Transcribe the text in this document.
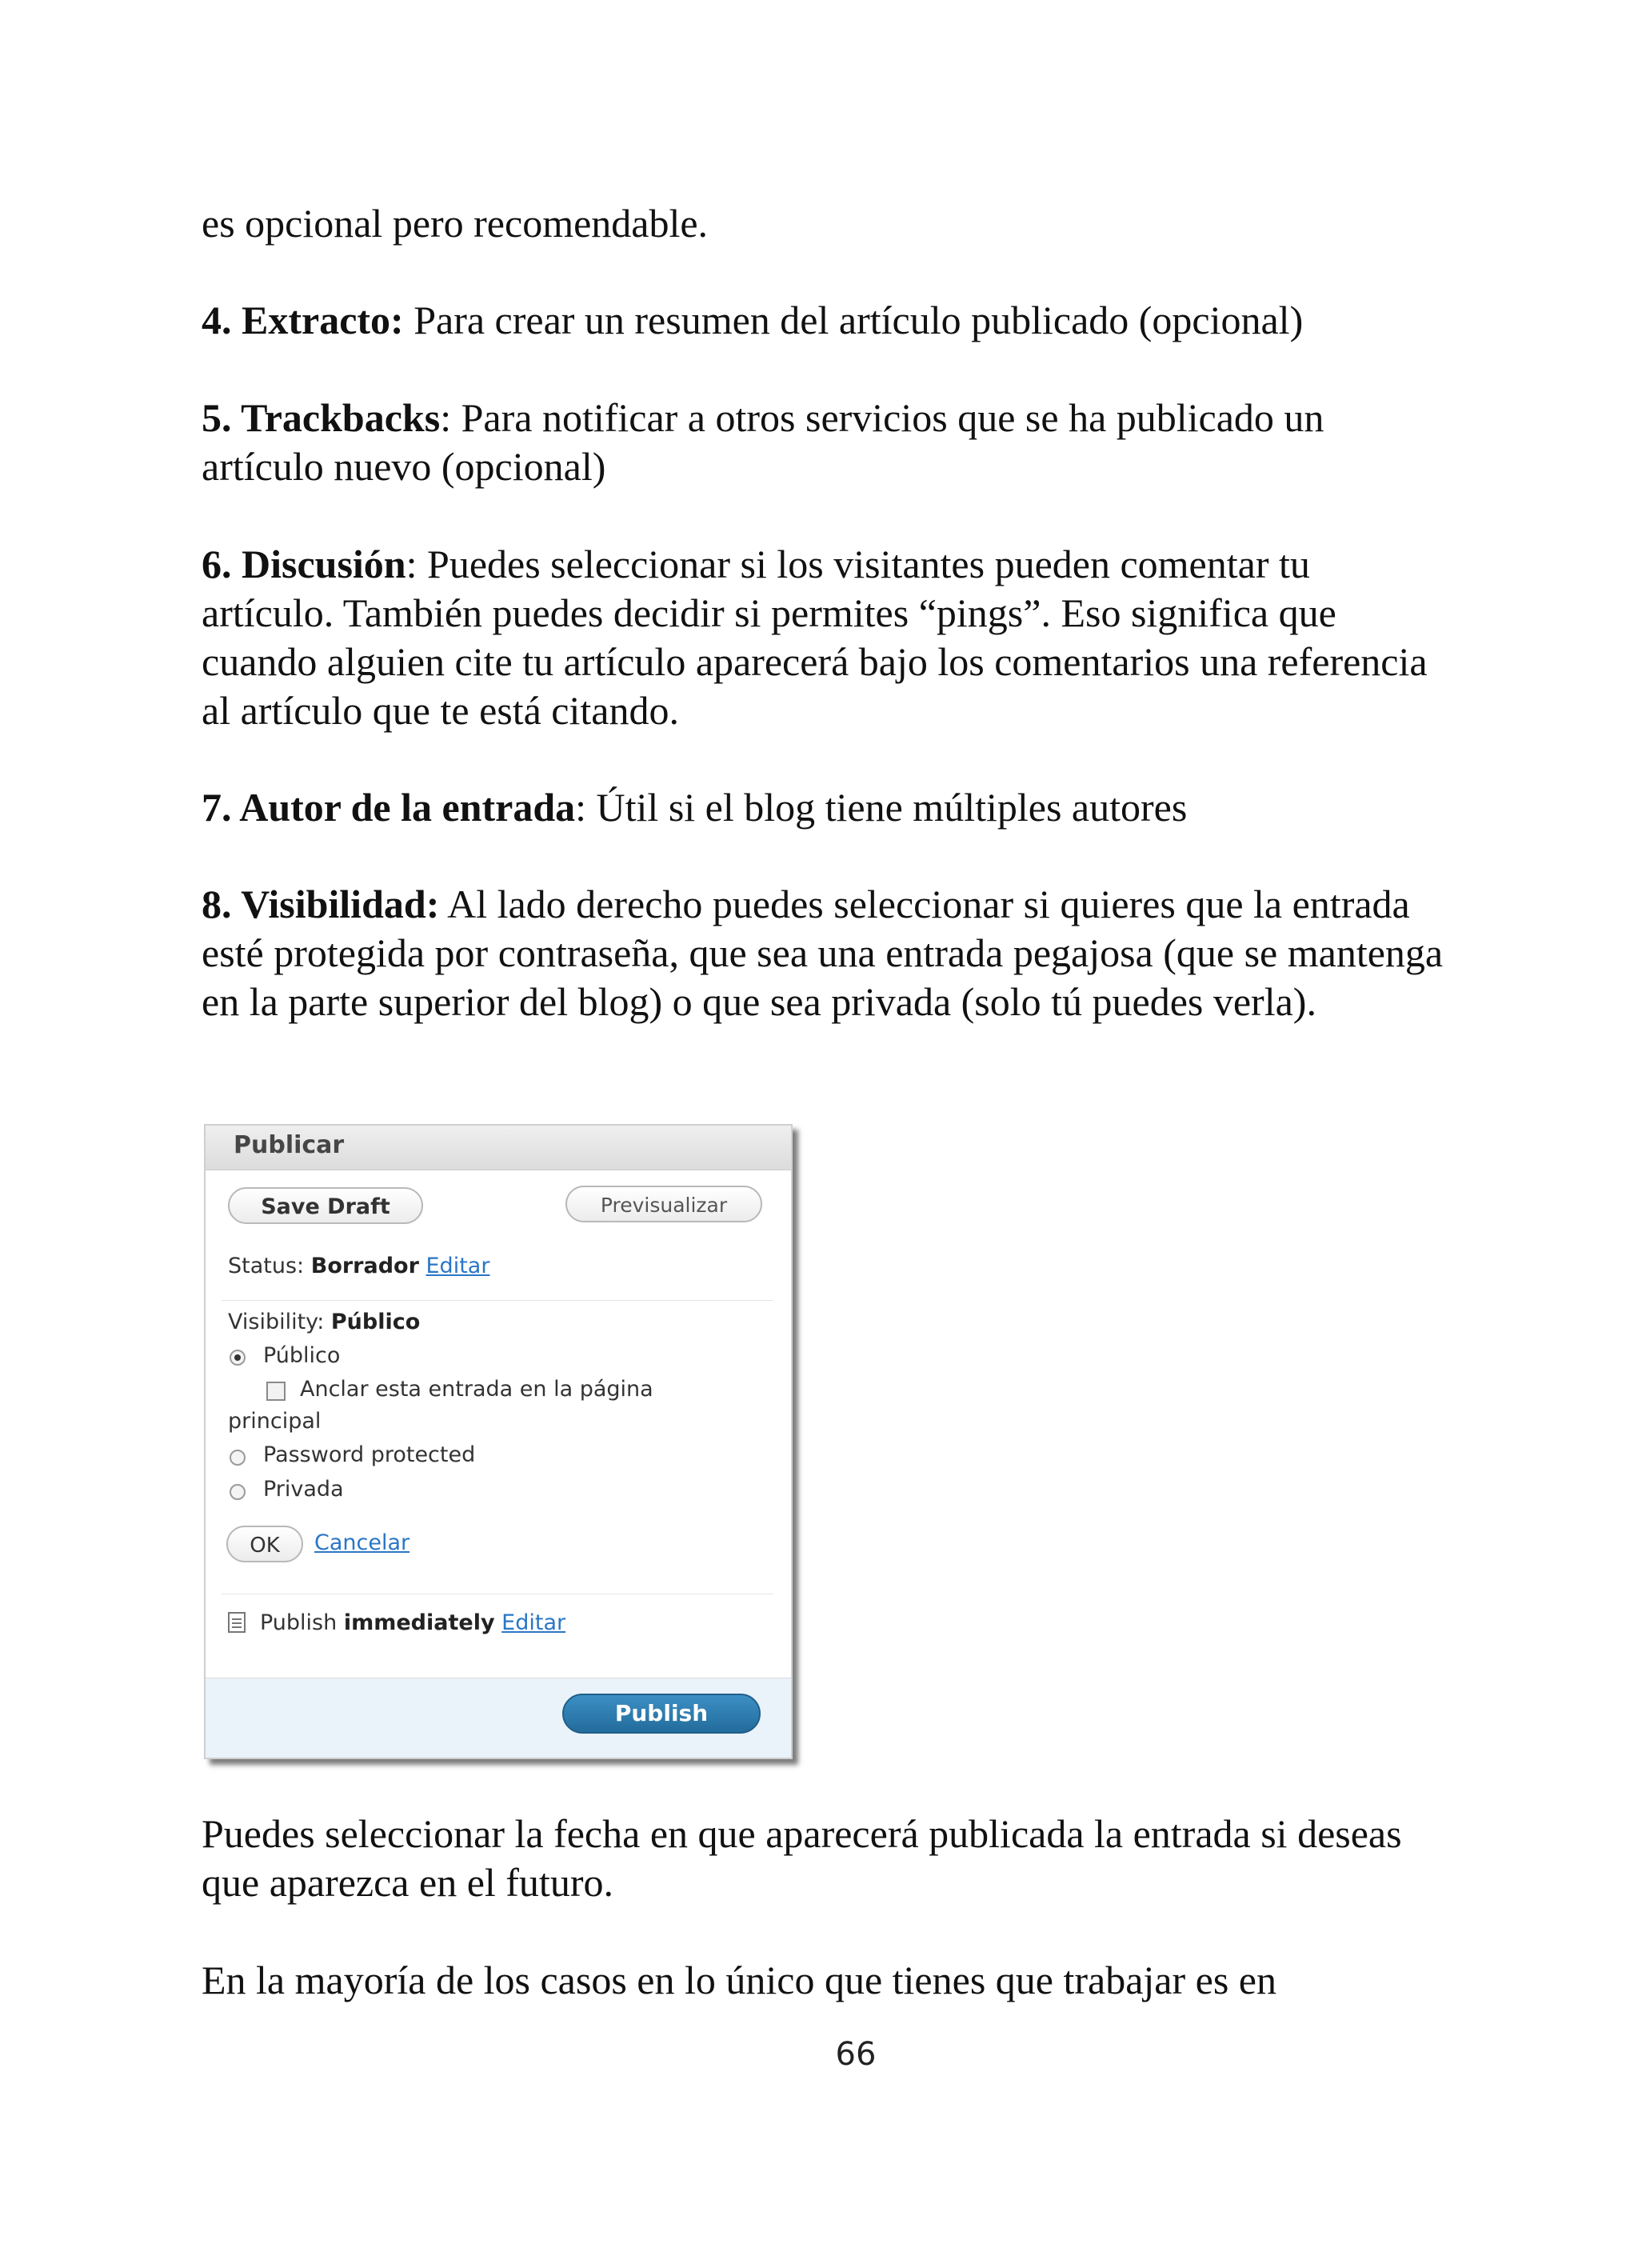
es opcional pero recomendable.

4. Extracto: Para crear un resumen del artículo publicado (opcional)

5. Trackbacks: Para notificar a otros servicios que se ha publicado un artículo nuevo (opcional)

6. Discusión: Puedes seleccionar si los visitantes pueden comentar tu artículo. También puedes decidir si permites “pings”. Eso significa que cuando alguien cite tu artículo aparecerá bajo los comentarios una referencia al artículo que te está citando.

7. Autor de la entrada: Útil si el blog tiene múltiples autores

8. Visibilidad: Al lado derecho puedes seleccionar si quieres que la entrada esté protegida por contraseña, que sea una entrada pegajosa (que se mantenga en la parte superior del blog) o que sea privada (solo tú puedes verla).

Publicar
Save Draft	Previsualizar
Status: Borrador Editar
Visibility: Público
Público
Anclar esta entrada en la página
principal
Password protected
Privada
OK	Cancelar
Publish immediately Editar
Publish

Puedes seleccionar la fecha en que aparecerá publicada la entrada si deseas que aparezca en el futuro.

En la mayoría de los casos en lo único que tienes que trabajar es en

66
